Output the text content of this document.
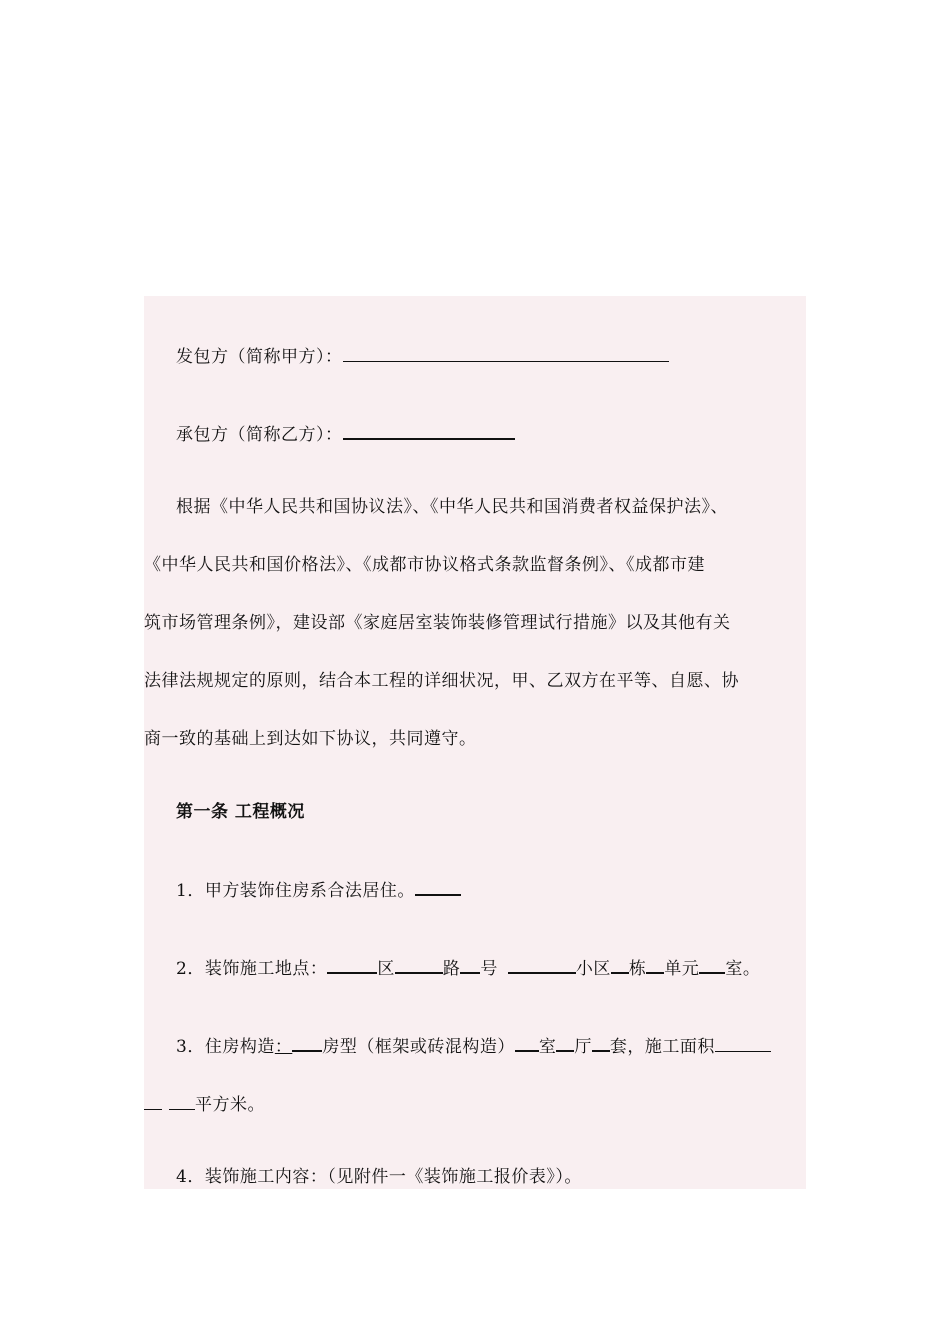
发包方（简称甲方）：
承包方（简称乙方）：
根据《中华人民共和国协议法》、《中华人民共和国消费者权益保护法》、
《中华人民共和国价格法》、《成都市协议格式条款监督条例》、《成都市建
筑市场管理条例》，建设部《家庭居室装饰装修管理试行措施》以及其他有关
法律法规规定的原则，结合本工程的详细状况，甲、乙双方在平等、自愿、协
商一致的基础上到达如下协议，共同遵守。
第一条 工程概况
1．甲方装饰住房系合法居住。
2．装饰施工地点：	区	路 号	小区 栋 单元 室。
3．住房构造： 房型（框架或砖混构造） 室 厅 套，施工面积
平方米。
4．装饰施工内容：（见附件一《装饰施工报价表》）。
